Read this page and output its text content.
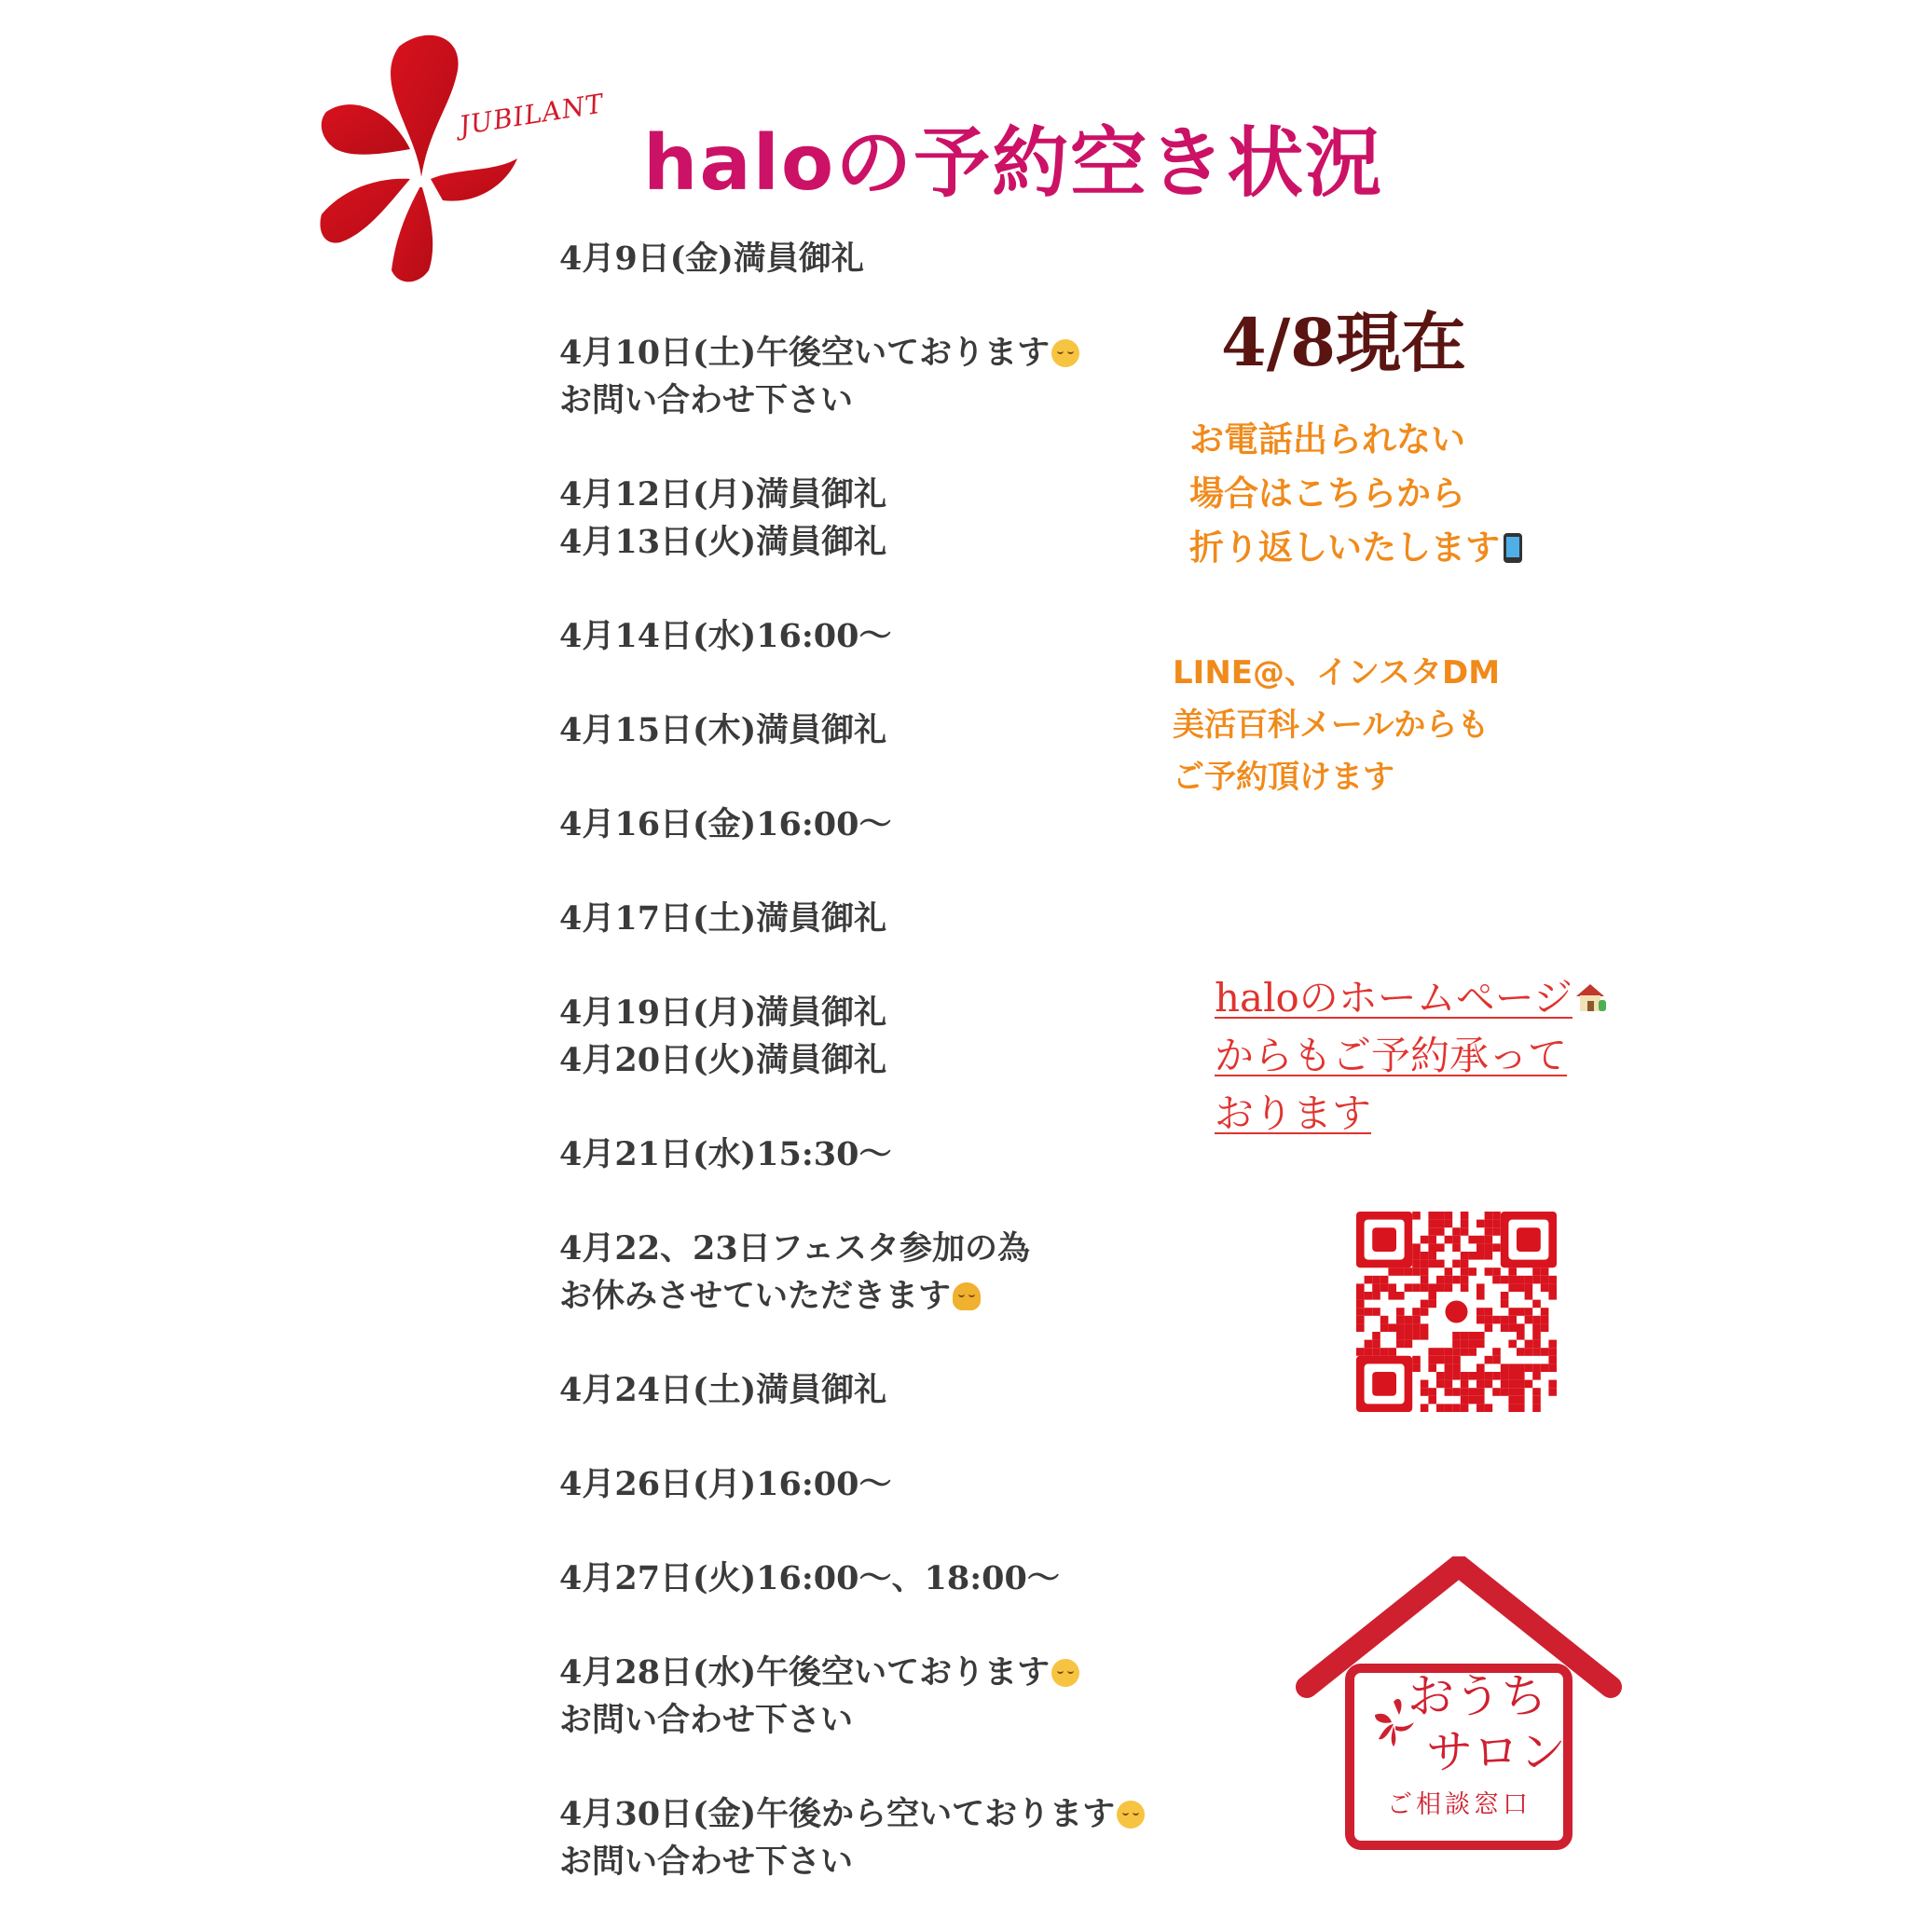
JUBILANT
haloの予約空き状況
4月9日(金)満員御礼
4月10日(土)午後空いております
お問い合わせ下さい
4月12日(月)満員御礼
4月13日(火)満員御礼
4月14日(水)16:00〜
4月15日(木)満員御礼
4月16日(金)16:00〜
4月17日(土)満員御礼
4月19日(月)満員御礼
4月20日(火)満員御礼
4月21日(水)15:30〜
4月22、23日フェスタ参加の為
お休みさせていただきます
4月24日(土)満員御礼
4月26日(月)16:00〜
4月27日(火)16:00〜、18:00〜
4月28日(水)午後空いております
お問い合わせ下さい
4月30日(金)午後から空いております
お問い合わせ下さい
4/8現在
お電話出られない
場合はこちらから
折り返しいたします
LINE@、インスタDM
美活百科メールからも
ご予約頂けます
haloのホームページ
からもご予約承って
おります
おうち
サロン
ご相談窓口
